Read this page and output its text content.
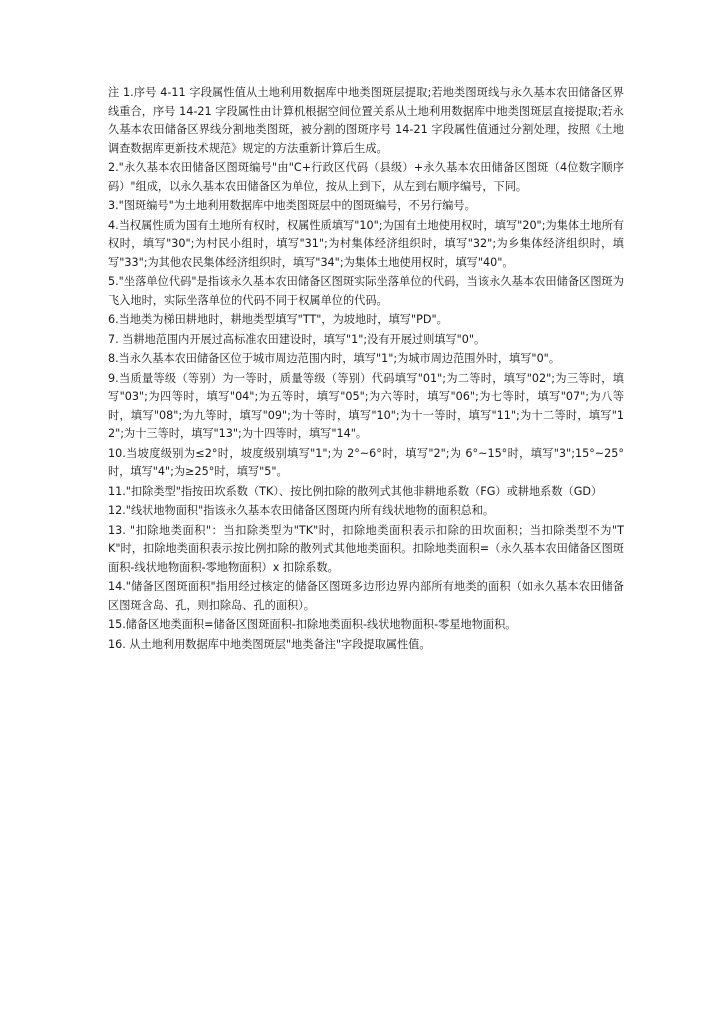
注 1.序号 4-11 字段属性值从土地利用数据库中地类图斑层提取;若地类图斑线与永久基本农田储备区界线重合，序号 14-21 字段属性由计算机根据空间位置关系从土地利用数据库中地类图斑层直接提取;若永久基本农田储备区界线分割地类图斑，被分割的图斑序号 14-21 字段属性值通过分割处理，按照《土地调查数据库更新技术规范》规定的方法重新计算后生成。

2."永久基本农田储备区图斑编号"由"C+行政区代码（县级）+永久基本农田储备区图斑（4位数字顺序码）"组成，以永久基本农田储备区为单位，按从上到下，从左到右顺序编号，下同。

3."图斑编号"为土地利用数据库中地类图斑层中的图斑编号，不另行编号。

4.当权属性质为国有土地所有权时，权属性质填写"10";为国有土地使用权时，填写"20";为集体土地所有权时，填写"30";为村民小组时，填写"31";为村集体经济组织时，填写"32";为乡集体经济组织时，填写"33";为其他农民集体经济组织时，填写"34";为集体土地使用权时，填写"40"。

5."坐落单位代码"是指该永久基本农田储备区图斑实际坐落单位的代码，当该永久基本农田储备区图斑为飞入地时，实际坐落单位的代码不同于权属单位的代码。

6.当地类为梯田耕地时，耕地类型填写"TT"，为坡地时，填写"PD"。

7. 当耕地范围内开展过高标准农田建设时，填写"1";没有开展过则填写"0"。

8.当永久基本农田储备区位于城市周边范围内时，填写"1";为城市周边范围外时，填写"0"。

9.当质量等级（等别）为一等时，质量等级（等别）代码填写"01";为二等时，填写"02";为三等时，填写"03";为四等时，填写"04";为五等时，填写"05";为六等时，填写"06";为七等时，填写"07";为八等时，填写"08";为九等时，填写"09";为十等时，填写"10";为十一等时，填写"11";为十二等时，填写"12";为十三等时，填写"13";为十四等时，填写"14"。

10.当坡度级别为≤2°时，坡度级别填写"1";为 2°~6°时，填写"2";为 6°~15°时，填写"3";15°~25°时，填写"4";为≥25°时，填写"5"。

11."扣除类型"指按田坎系数（TK）、按比例扣除的散列式其他非耕地系数（FG）或耕地系数（GD）

12."线状地物面积"指该永久基本农田储备区图斑内所有线状地物的面积总和。

13. "扣除地类面积"：当扣除类型为"TK"时，扣除地类面积表示扣除的田坎面积；当扣除类型不为"TK"时，扣除地类面积表示按比例扣除的散列式其他地类面积。扣除地类面积=（永久基本农田储备区图斑面积-线状地物面积-零地物面积）x 扣除系数。

14."储备区图斑面积"指用经过核定的储备区图斑多边形边界内部所有地类的面积（如永久基本农田储备区图斑含岛、孔，则扣除岛、孔的面积）。

15.储备区地类面积=储备区图斑面积-扣除地类面积-线状地物面积-零星地物面积。

16. 从土地利用数据库中地类图斑层"地类备注"字段提取属性值。
